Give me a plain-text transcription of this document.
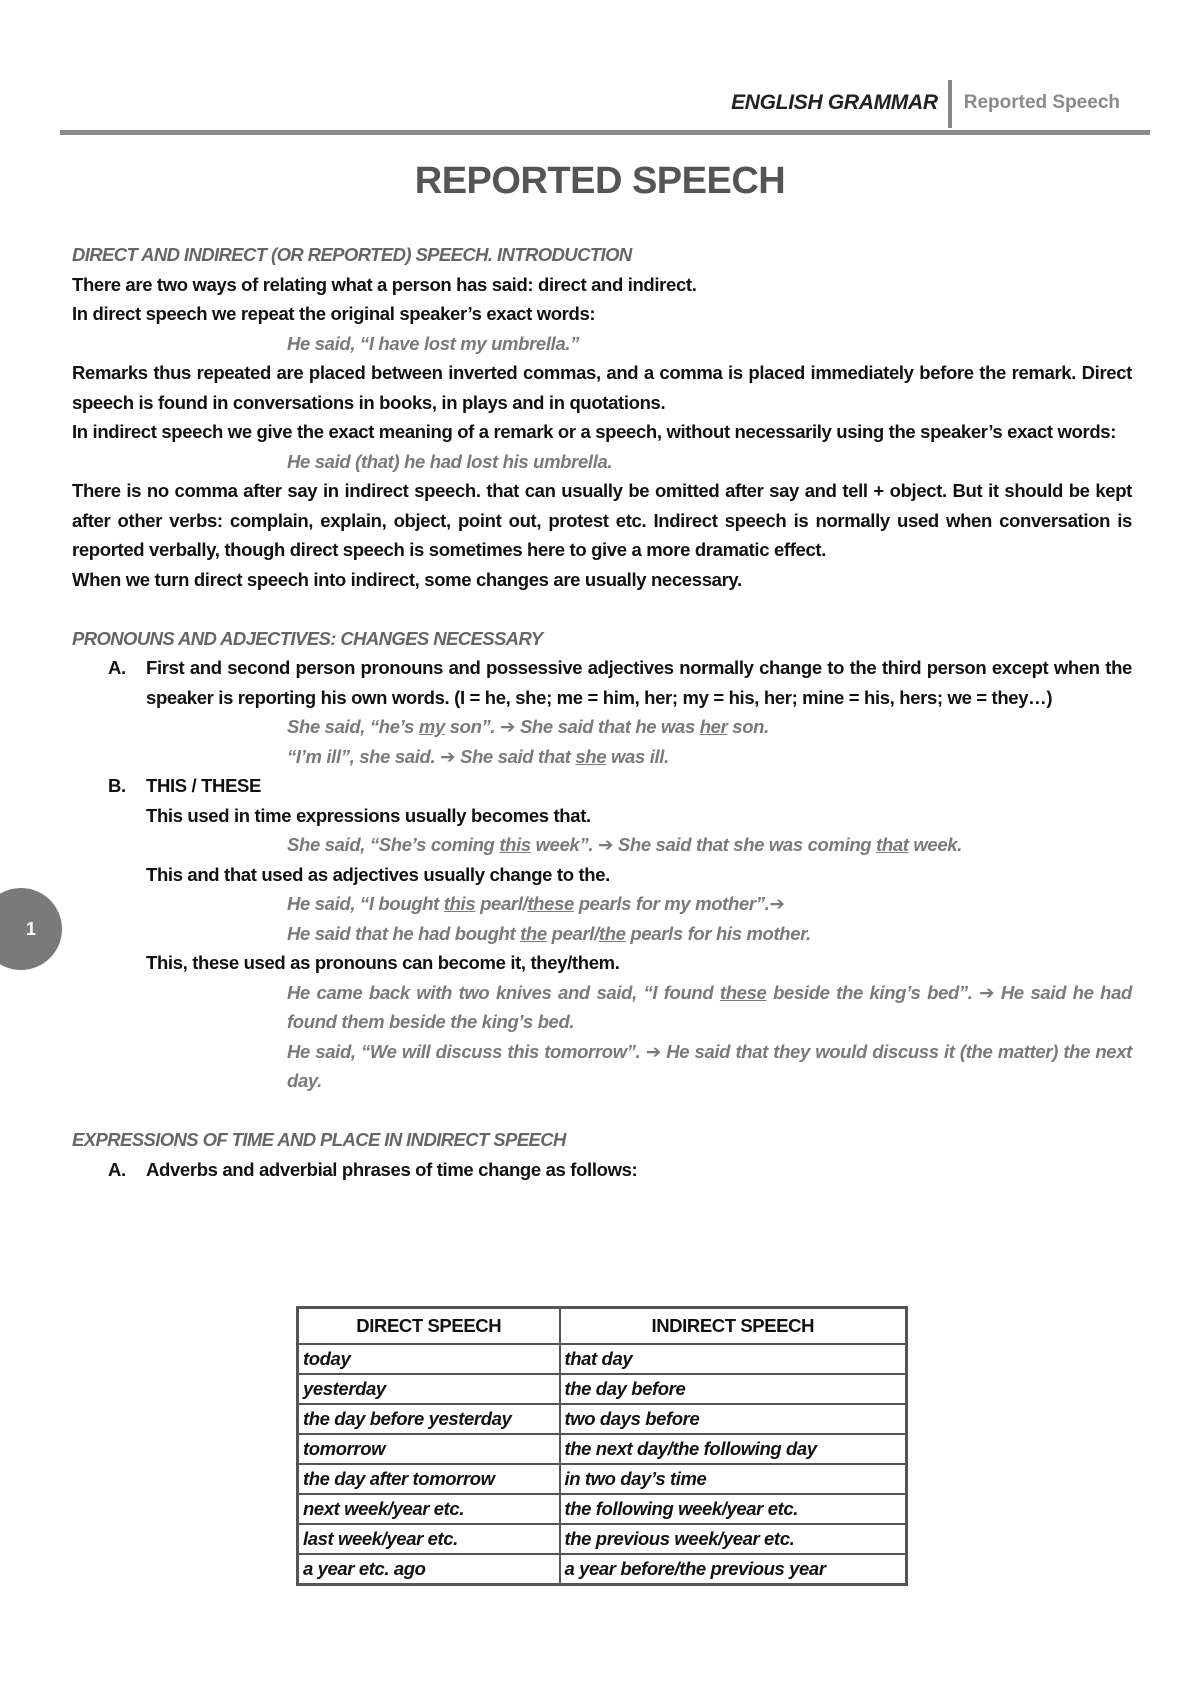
ENGLISH GRAMMAR	Reported Speech
REPORTED SPEECH
1

DIRECT AND INDIRECT (OR REPORTED) SPEECH. INTRODUCTION

There are two ways of relating what a person has said: direct and indirect.

In direct speech we repeat the original speaker’s exact words:

He said, “I have lost my umbrella.”

Remarks thus repeated are placed between inverted commas, and a comma is placed immediately before the remark. Direct speech is found in conversations in books, in plays and in quotations.

In indirect speech we give the exact meaning of a remark or a speech, without necessarily using the speaker’s exact words:

He said (that) he had lost his umbrella.

There is no comma after say in indirect speech. that can usually be omitted after say and tell + object. But it should be kept after other verbs: complain, explain, object, point out, protest etc. Indirect speech is normally used when conversation is reported verbally, though direct speech is sometimes here to give a more dramatic effect.

When we turn direct speech into indirect, some changes are usually necessary.

PRONOUNS AND ADJECTIVES: CHANGES NECESSARY

A. First and second person pronouns and possessive adjectives normally change to the third person except when the speaker is reporting his own words. (I = he, she; me = him, her; my = his, her; mine = his, hers; we = they…)

She said, “he’s my son”. ➔ She said that he was her son.

“I’m ill”, she said. ➔ She said that she was ill.

B. THIS / THESE

This used in time expressions usually becomes that.

She said, “She’s coming this week”. ➔ She said that she was coming that week.

This and that used as adjectives usually change to the.

He said, “I bought this pearl/these pearls for my mother”.➔

He said that he had bought the pearl/the pearls for his mother.

This, these used as pronouns can become it, they/them.

He came back with two knives and said, “I found these beside the king’s bed”. ➔ He said he had found them beside the king’s bed.

He said, “We will discuss this tomorrow”. ➔ He said that they would discuss it (the matter) the next day.

EXPRESSIONS OF TIME AND PLACE IN INDIRECT SPEECH

A. Adverbs and adverbial phrases of time change as follows:

DIRECT SPEECH	INDIRECT SPEECH
today	that day
yesterday	the day before
the day before yesterday	two days before
tomorrow	the next day/the following day
the day after tomorrow	in two day’s time
next week/year etc.	the following week/year etc.
last week/year etc.	the previous week/year etc.
a year etc. ago	a year before/the previous year
